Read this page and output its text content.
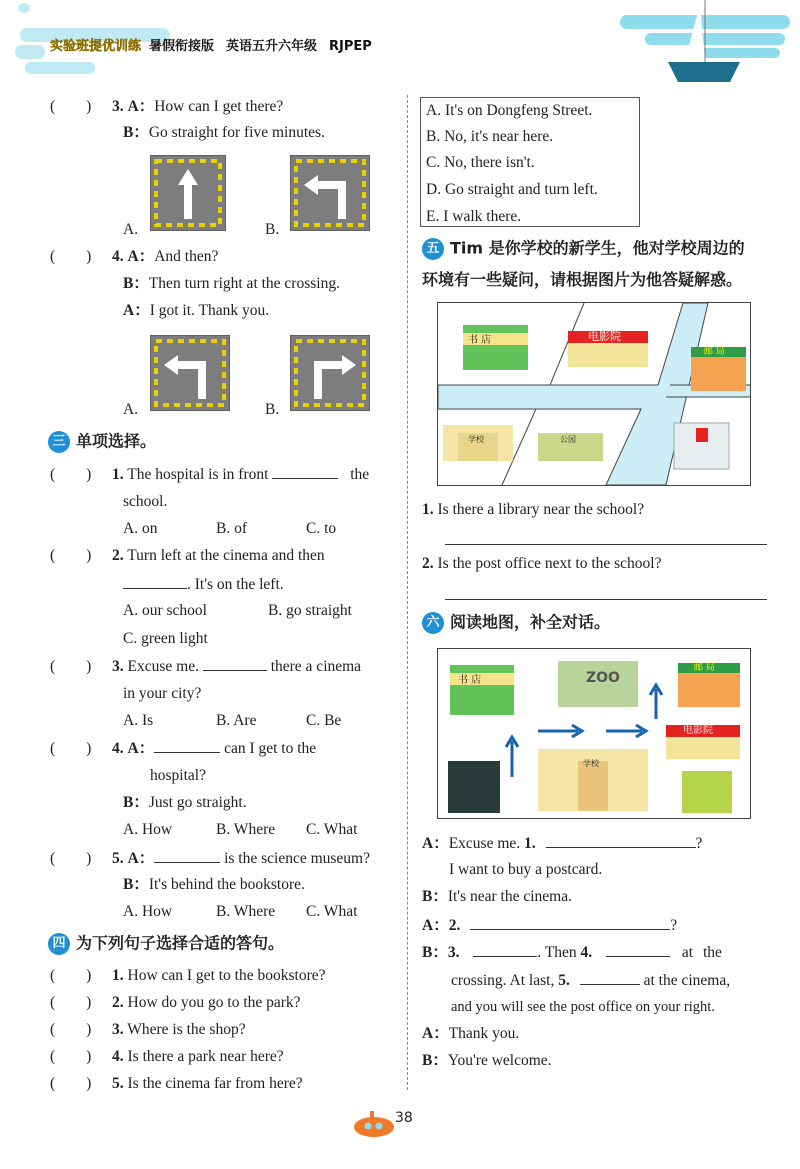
实验班提优训练 暑假衔接版 英语五升六年级 RJPEP
(　　) 3. A：How can I get there?
B：Go straight for five minutes.
A.	B.
(　　) 4. A：And then?
B：Then turn right at the crossing.
A：I got it. Thank you.
A.	B.
三 单项选择。
(　　) 1. The hospital is in front	the
school.
A. on	B. of	C. to
(　　) 2. Turn left at the cinema and then
. It's on the left.
A. our school	B. go straight
C. green light
(　　) 3. Excuse me.	there a cinema
in your city?
A. Is	B. Are	C. Be
(　　) 4. A：	can I get to the
hospital?
B：Just go straight.
A. How	B. Where C. What
(　　) 5. A：	is the science museum?
B：It's behind the bookstore.
A. How	B. Where C. What
四 为下列句子选择合适的答句。
(　　) 1. How can I get to the bookstore?
(　　) 2. How do you go to the park?
(　　) 3. Where is the shop?
(　　) 4. Is there a park near here?
(　　) 5. Is the cinema far from here?
A. It's on Dongfeng Street.
B. No, it's near here.
C. No, there isn't.
D. Go straight and turn left.
E. I walk there.
五 Tim 是你学校的新学生，他对学校周边的
环境有一些疑问，请根据图片为他答疑解惑。
书 店	电影院
邮 局
学校	公园
1. Is there a library near the school?
2. Is the post office next to the school?
六 阅读地图，补全对话。
书 店	ZOO
邮 局
电影院
学校
A：Excuse me. 1.	?
I want to buy a postcard.
B：It's near the cinema.
A：2.	?
B：3.	. Then 4.	at the
crossing. At last, 5.	at the cinema,
and you will see the post office on your right.
A：Thank you.
B：You're welcome.
38
